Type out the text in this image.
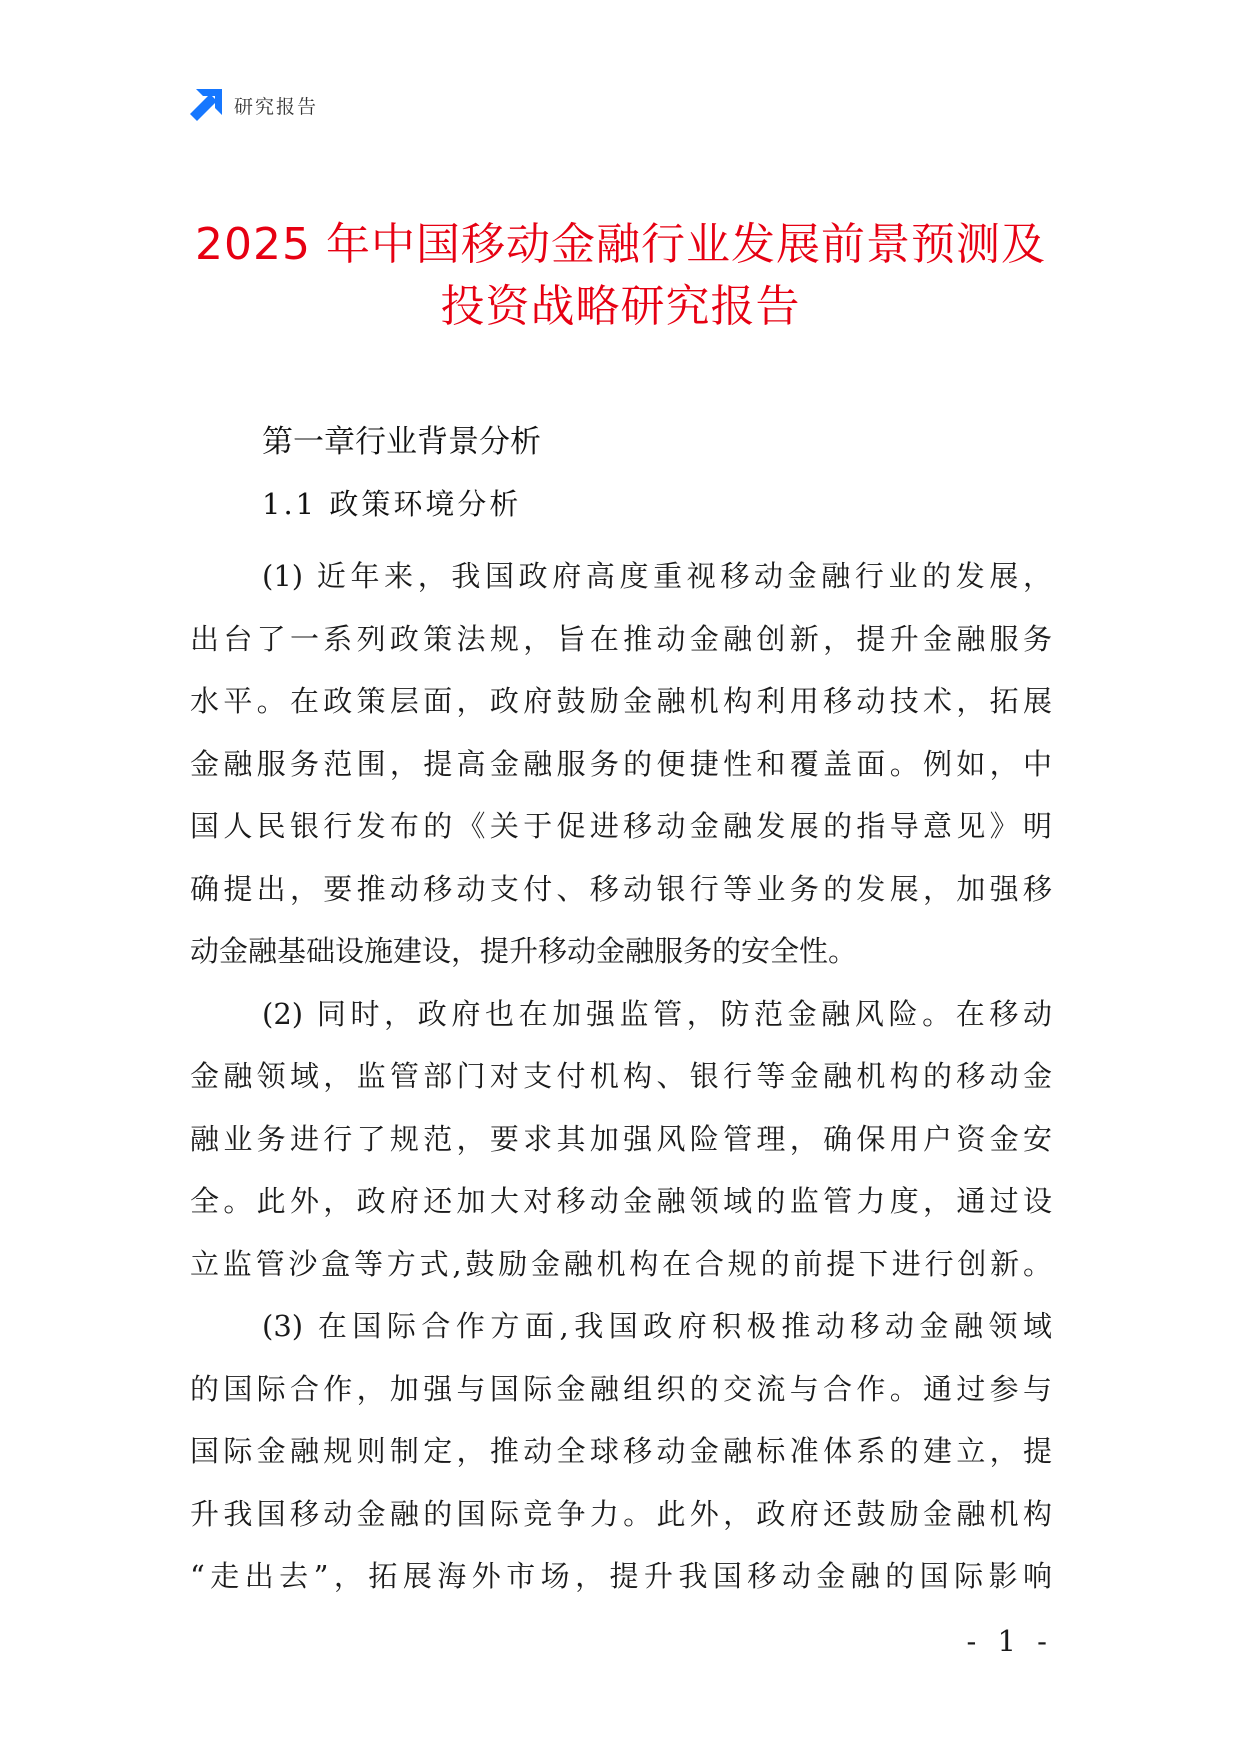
研究报告
2025 年中国移动金融行业发展前景预测及
投资战略研究报告
第一章行业背景分析
1.1 政策环境分析
(1) 近年来，我国政府高度重视移动金融行业的发展，
出台了一系列政策法规，旨在推动金融创新，提升金融服务
水平。在政策层面，政府鼓励金融机构利用移动技术，拓展
金融服务范围，提高金融服务的便捷性和覆盖面。例如，中
国人民银行发布的《关于促进移动金融发展的指导意见》明
确提出，要推动移动支付、移动银行等业务的发展，加强移
动金融基础设施建设，提升移动金融服务的安全性。
(2) 同时，政府也在加强监管，防范金融风险。在移动
金融领域，监管部门对支付机构、银行等金融机构的移动金
融业务进行了规范，要求其加强风险管理，确保用户资金安
全。此外，政府还加大对移动金融领域的监管力度，通过设
立监管沙盒等方式,鼓励金融机构在合规的前提下进行创新。
(3) 在国际合作方面,我国政府积极推动移动金融领域
的国际合作，加强与国际金融组织的交流与合作。通过参与
国际金融规则制定，推动全球移动金融标准体系的建立，提
升我国移动金融的国际竞争力。此外，政府还鼓励金融机构
“走出去”，拓展海外市场，提升我国移动金融的国际影响
- 1 -
